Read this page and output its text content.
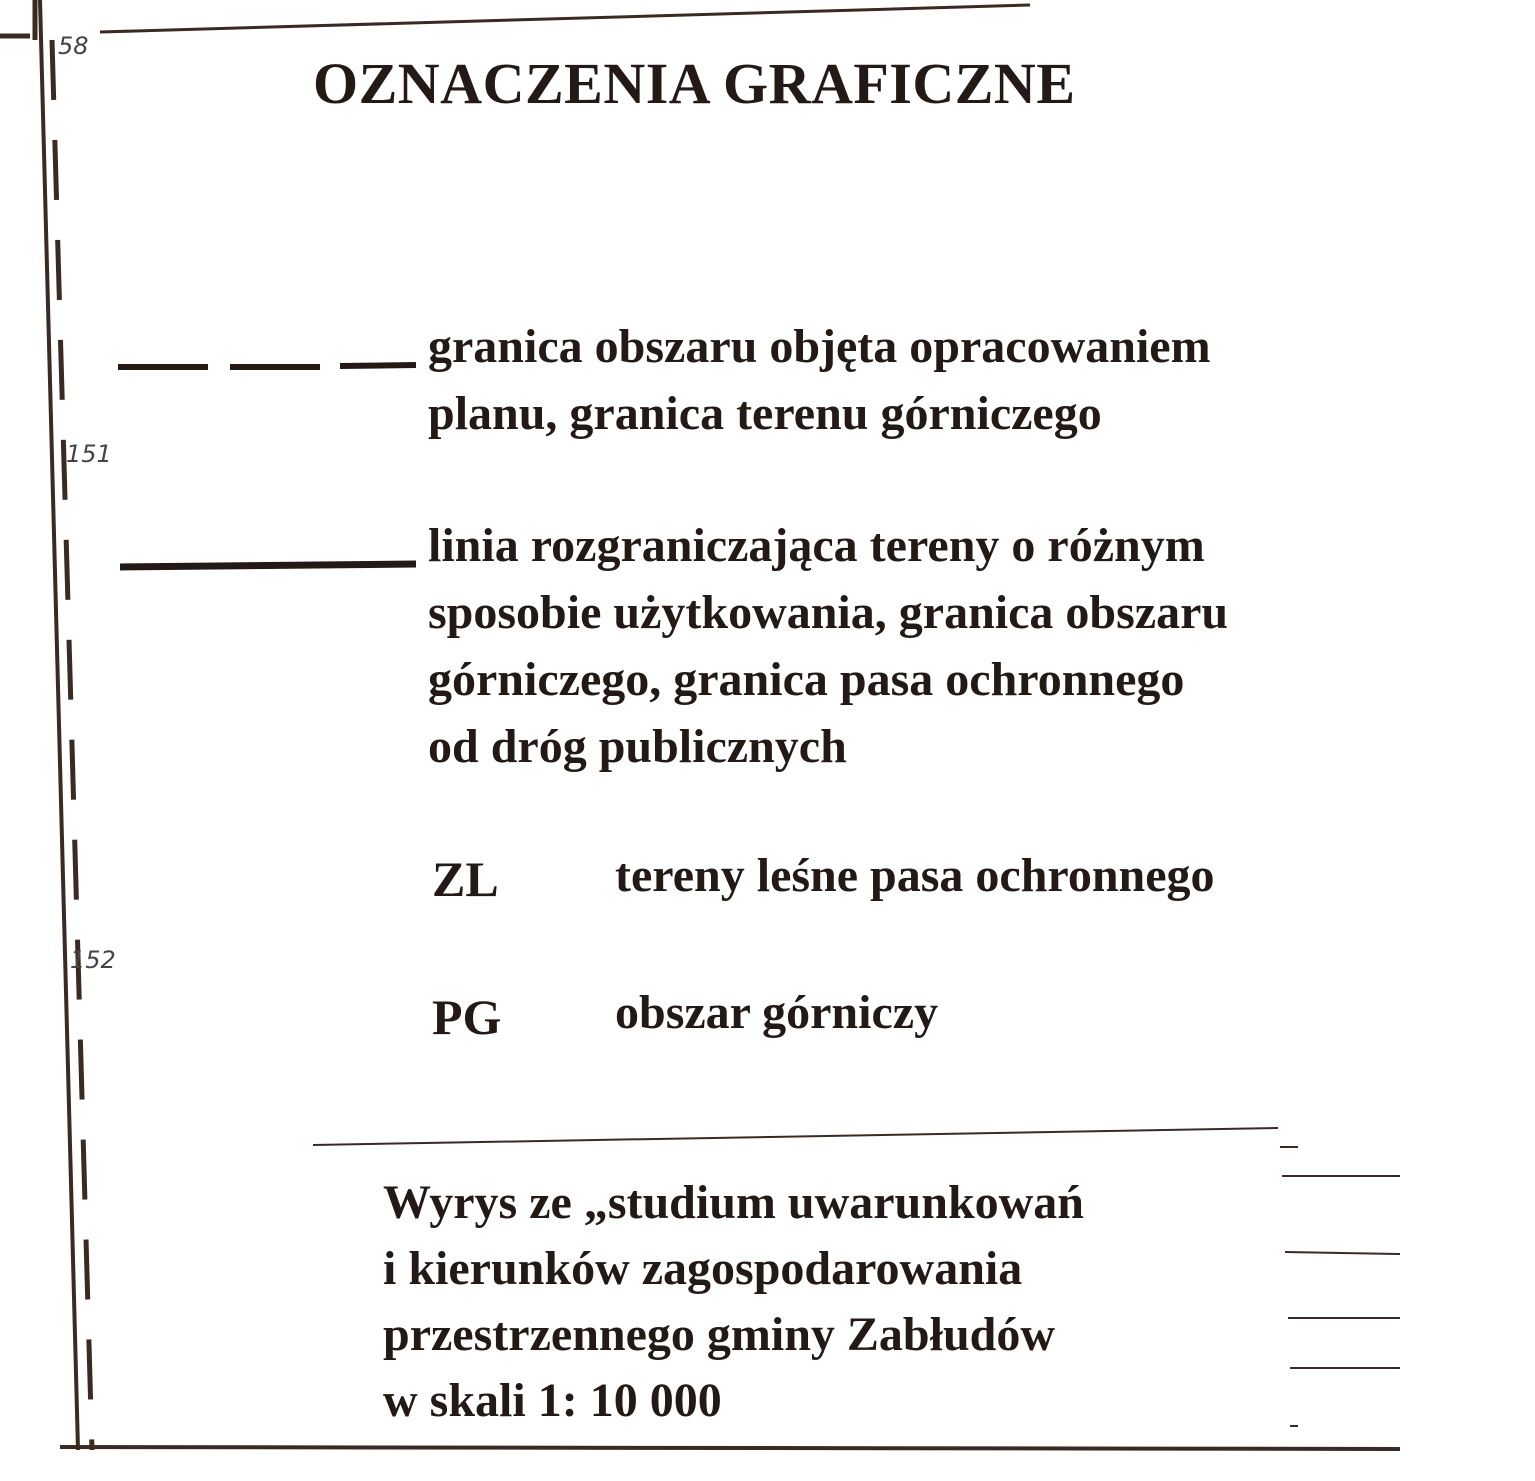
58
151
152
OZNACZENIA GRAFICZNE
granica obszaru objęta opracowaniem
planu, granica terenu górniczego
linia rozgraniczająca tereny o różnym
sposobie użytkowania, granica obszaru
górniczego, granica pasa ochronnego
od dróg publicznych
ZL tereny leśne pasa ochronnego
PG obszar górniczy
Wyrys ze „studium uwarunkowań
i kierunków zagospodarowania
przestrzennego gminy Zabłudów
w skali 1: 10 000
